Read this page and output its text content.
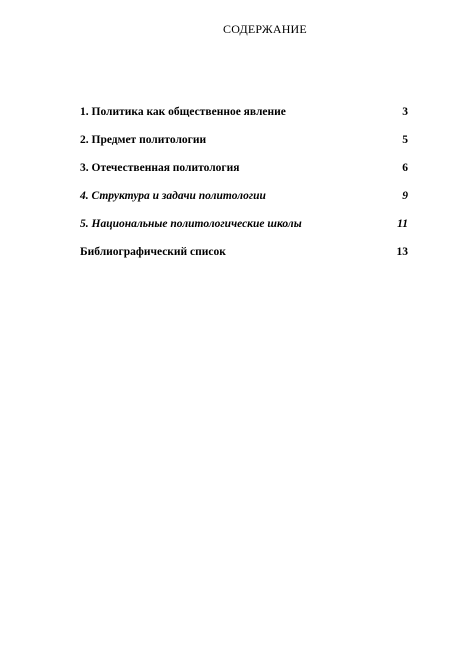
СОДЕРЖАНИЕ
1. Политика как общественное явление	3
2. Предмет политологии	5
3. Отечественная политология	6
4. Структура и задачи политологии	9
5. Национальные политологические школы	11
Библиографический список	13
